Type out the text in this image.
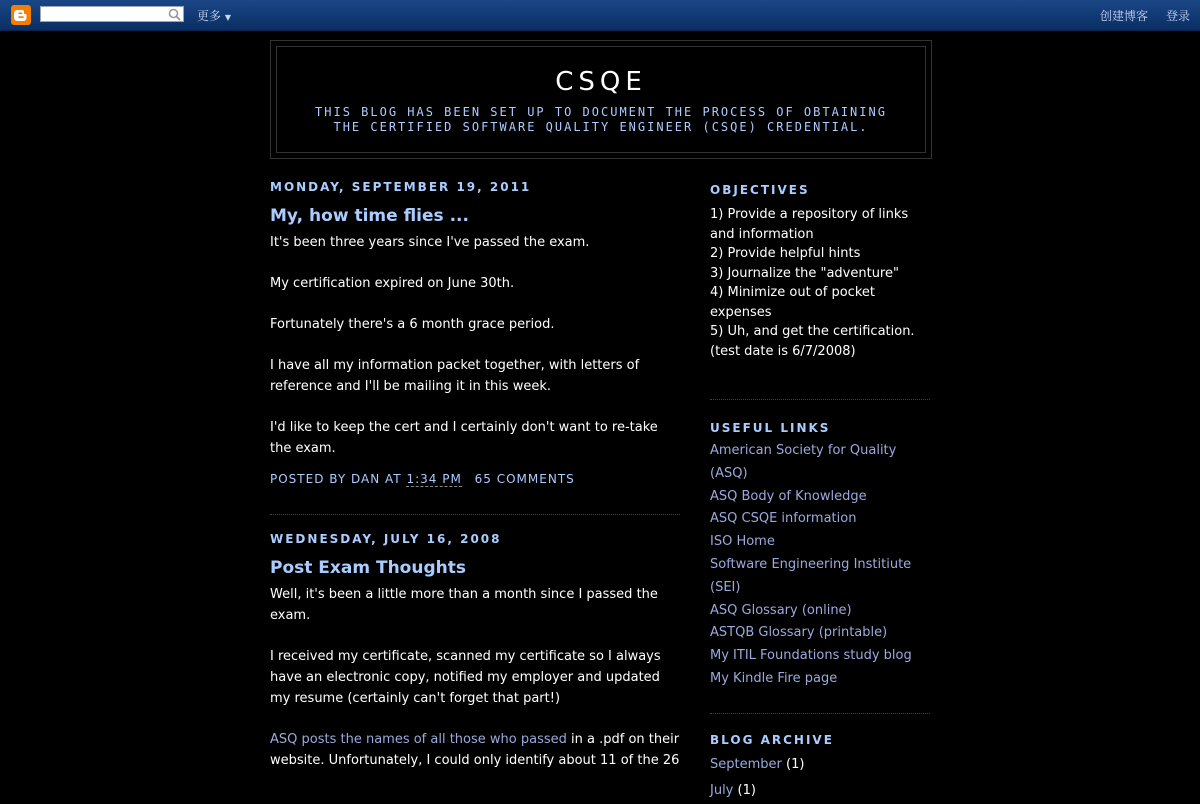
更多 ▼	创建博客 登录
CSQE
THIS BLOG HAS BEEN SET UP TO DOCUMENT THE PROCESS OF OBTAINING THE CERTIFIED SOFTWARE QUALITY ENGINEER (CSQE) CREDENTIAL.
MONDAY, SEPTEMBER 19, 2011
My, how time flies ...

It's been three years since I've passed the exam.

My certification expired on June 30th.

Fortunately there's a 6 month grace period.

I have all my information packet together, with letters of reference and I'll be mailing it in this week.

I'd like to keep the cert and I certainly don't want to re-take the exam.

POSTED BY DAN AT 1:34 PM 65 COMMENTS
WEDNESDAY, JULY 16, 2008
Post Exam Thoughts

Well, it's been a little more than a month since I passed the exam.

I received my certificate, scanned my certificate so I always have an electronic copy, notified my employer and updated my resume (certainly can't forget that part!)

ASQ posts the names of all those who passed in a .pdf on their website. Unfortunately, I could only identify about 11 of the 26

OBJECTIVES
1) Provide a repository of links and information
2) Provide helpful hints
3) Journalize the "adventure"
4) Minimize out of pocket expenses
5) Uh, and get the certification.
(test date is 6/7/2008)
USEFUL LINKS
American Society for Quality (ASQ)
ASQ Body of Knowledge
ASQ CSQE information
ISO Home
Software Engineering Institiute (SEI)
ASQ Glossary (online)
ASTQB Glossary (printable)
My ITIL Foundations study blog
My Kindle Fire page
BLOG ARCHIVE
September (1)
July (1)
